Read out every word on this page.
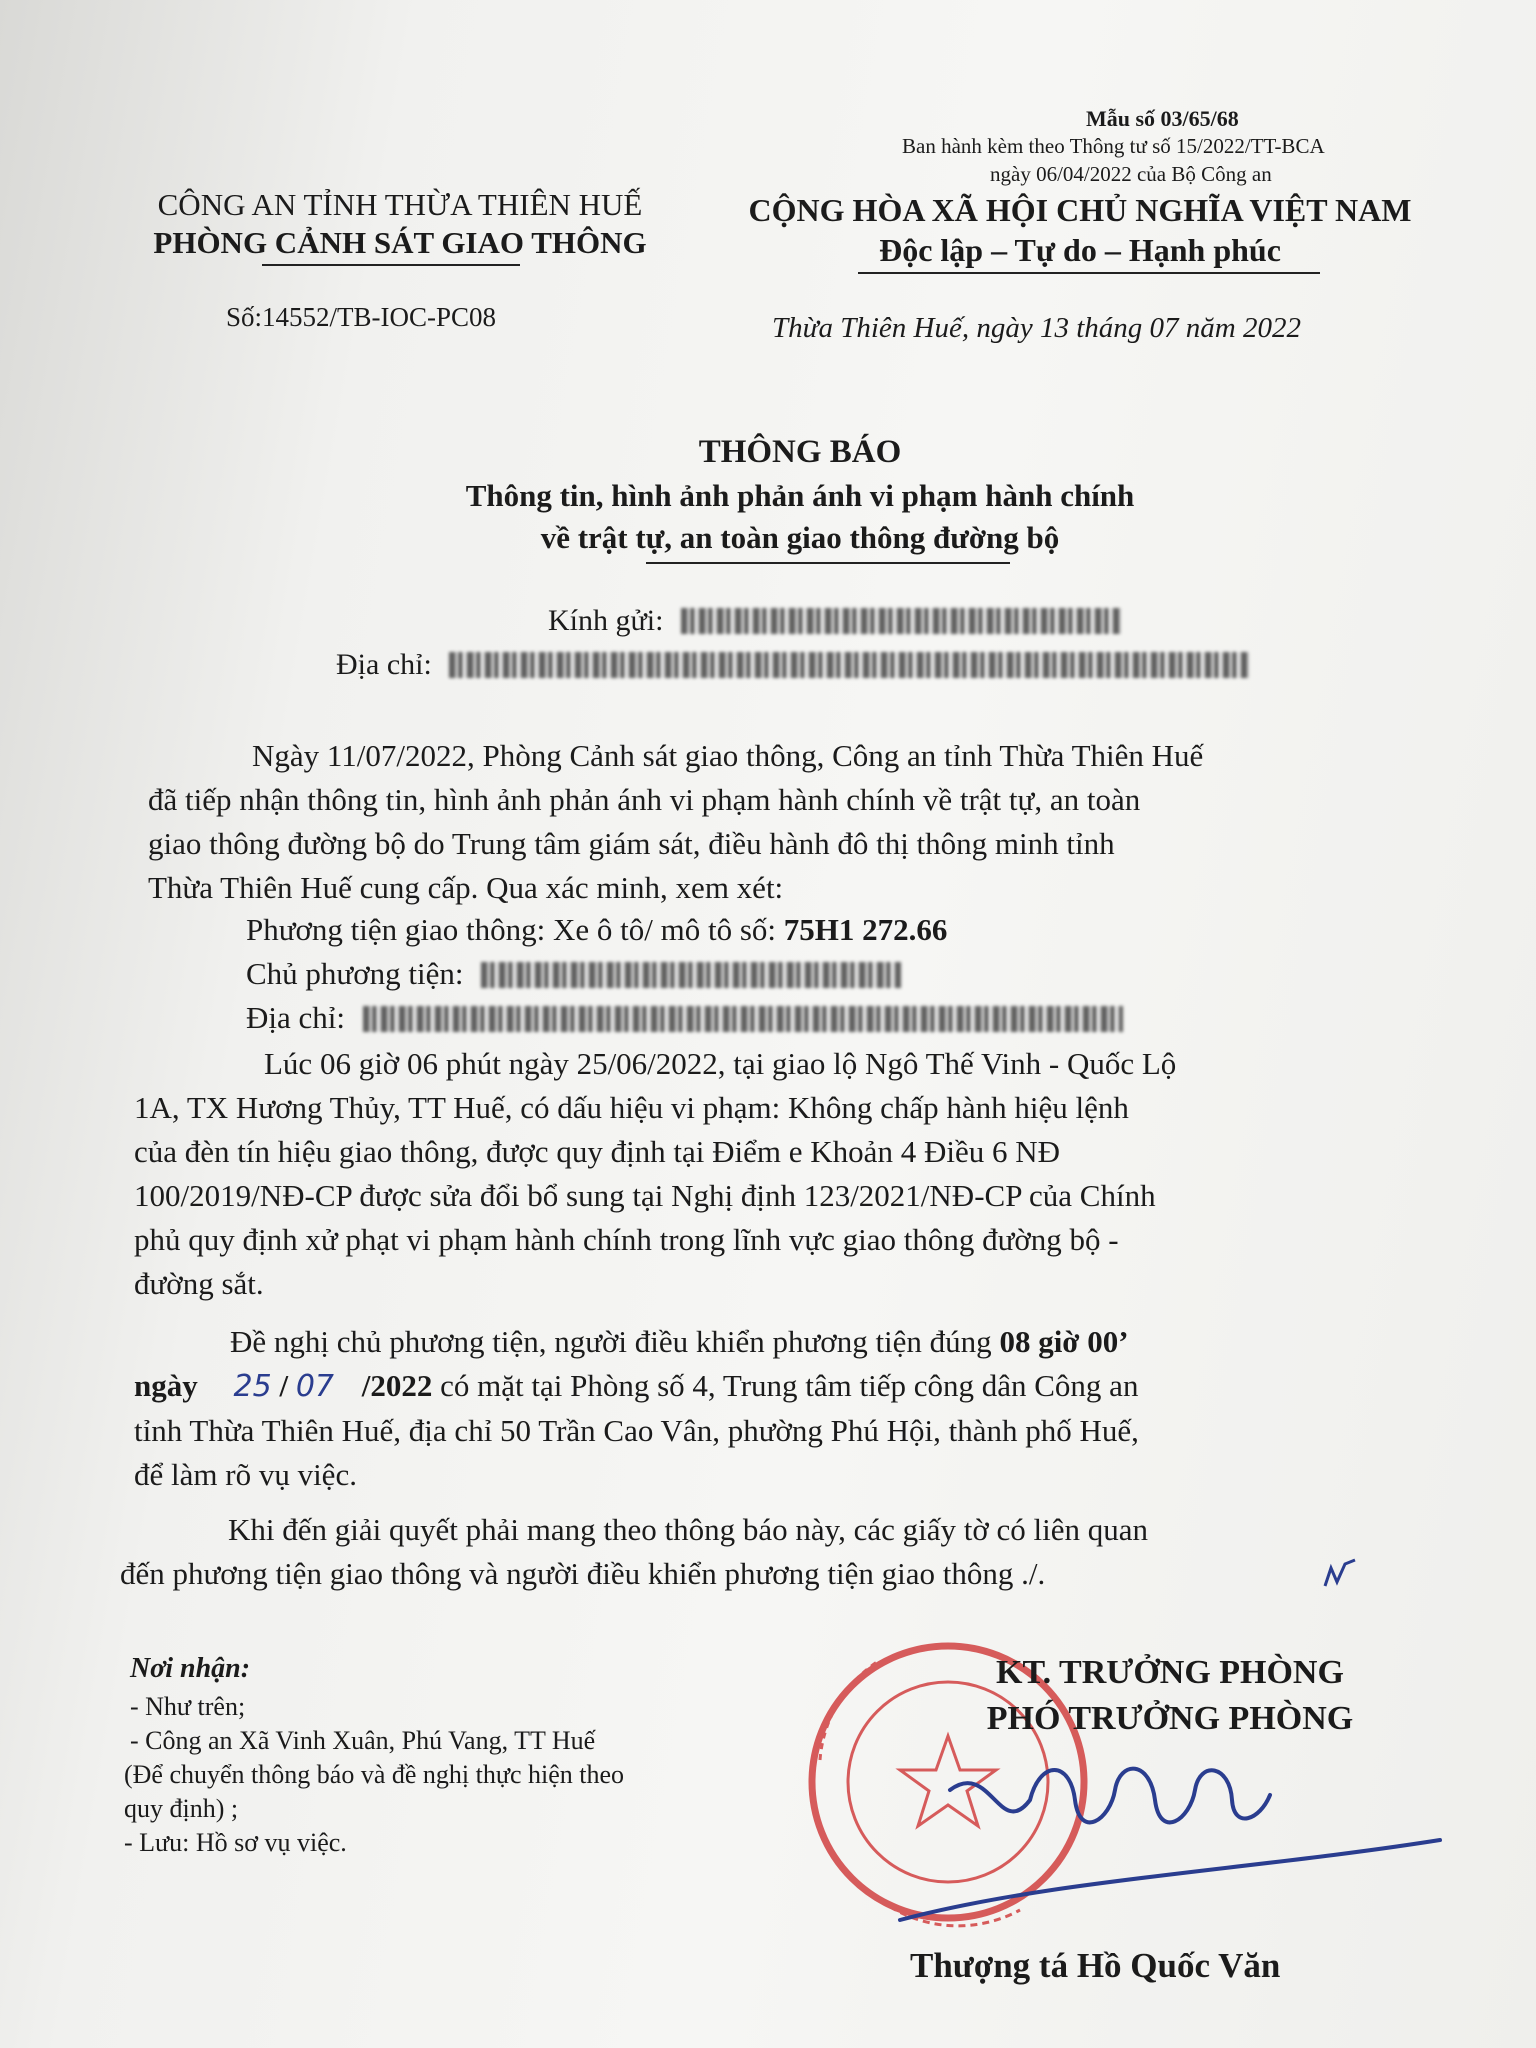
Mẫu số 03/65/68
Ban hành kèm theo Thông tư số 15/2022/TT-BCA
ngày 06/04/2022 của Bộ Công an
CÔNG AN TỈNH THỪA THIÊN HUẾ
PHÒNG CẢNH SÁT GIAO THÔNG
Số:14552/TB-IOC-PC08
CỘNG HÒA XÃ HỘI CHỦ NGHĨA VIỆT NAM
Độc lập – Tự do – Hạnh phúc
Thừa Thiên Huế, ngày 13 tháng 07 năm 2022
THÔNG BÁO
Thông tin, hình ảnh phản ánh vi phạm hành chính
về trật tự, an toàn giao thông đường bộ
Kính gửi:
Địa chỉ:
Ngày 11/07/2022, Phòng Cảnh sát giao thông, Công an tỉnh Thừa Thiên Huế
đã tiếp nhận thông tin, hình ảnh phản ánh vi phạm hành chính về trật tự, an toàn
giao thông đường bộ do Trung tâm giám sát, điều hành đô thị thông minh tỉnh
Thừa Thiên Huế cung cấp. Qua xác minh, xem xét:
Phương tiện giao thông: Xe ô tô/ mô tô số: 75H1 272.66
Chủ phương tiện:
Địa chỉ:
Lúc 06 giờ 06 phút ngày 25/06/2022, tại giao lộ Ngô Thế Vinh - Quốc Lộ
1A, TX Hương Thủy, TT Huế, có dấu hiệu vi phạm: Không chấp hành hiệu lệnh
của đèn tín hiệu giao thông, được quy định tại Điểm e Khoản 4 Điều 6 NĐ
100/2019/NĐ-CP được sửa đổi bổ sung tại Nghị định 123/2021/NĐ-CP của Chính
phủ quy định xử phạt vi phạm hành chính trong lĩnh vực giao thông đường bộ -
đường sắt.
Đề nghị chủ phương tiện, người điều khiển phương tiện đúng 08 giờ 00’
ngày 25 / 07 /2022 có mặt tại Phòng số 4, Trung tâm tiếp công dân Công an
tỉnh Thừa Thiên Huế, địa chỉ 50 Trần Cao Vân, phường Phú Hội, thành phố Huế,
để làm rõ vụ việc.
Khi đến giải quyết phải mang theo thông báo này, các giấy tờ có liên quan
đến phương tiện giao thông và người điều khiển phương tiện giao thông ./.
Nơi nhận:
- Như trên;
- Công an Xã Vinh Xuân, Phú Vang, TT Huế
(Để chuyển thông báo và đề nghị thực hiện theo
quy định) ;
- Lưu: Hồ sơ vụ việc.
KT. TRƯỞNG PHÒNG
PHÓ TRƯỞNG PHÒNG
Thượng tá Hồ Quốc Văn
